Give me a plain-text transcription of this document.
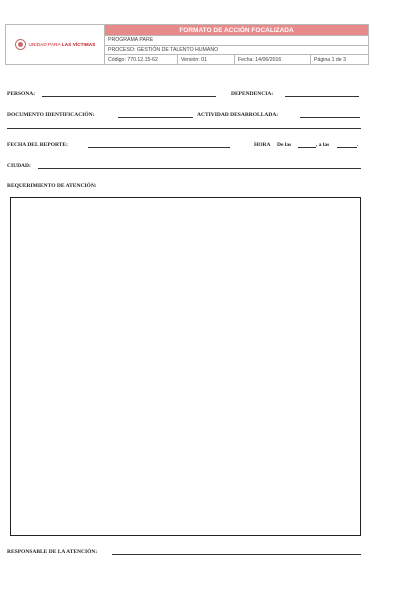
UNIDAD PARA LAS VÍCTIMAS
FORMATO DE ACCIÓN FOCALIZADA
PROGRAMA PARE
PROCESO: GESTIÓN DE TALENTO HUMANO
Código: 770.12.15-62	Versión: 01	Fecha: 14/06/2016	Página 1 de 3
PERSONA:	DEPENDENCIA:
DOCUMENTO IDENTIFICACIÓN:	ACTIVIDAD DESARROLLADA:
FECHA DEL REPORTE:	HORA De las	, a las	.
CIUDAD:
REQUERIMIENTO DE ATENCIÓN:
RESPONSABLE DE LA ATENCIÓN:
